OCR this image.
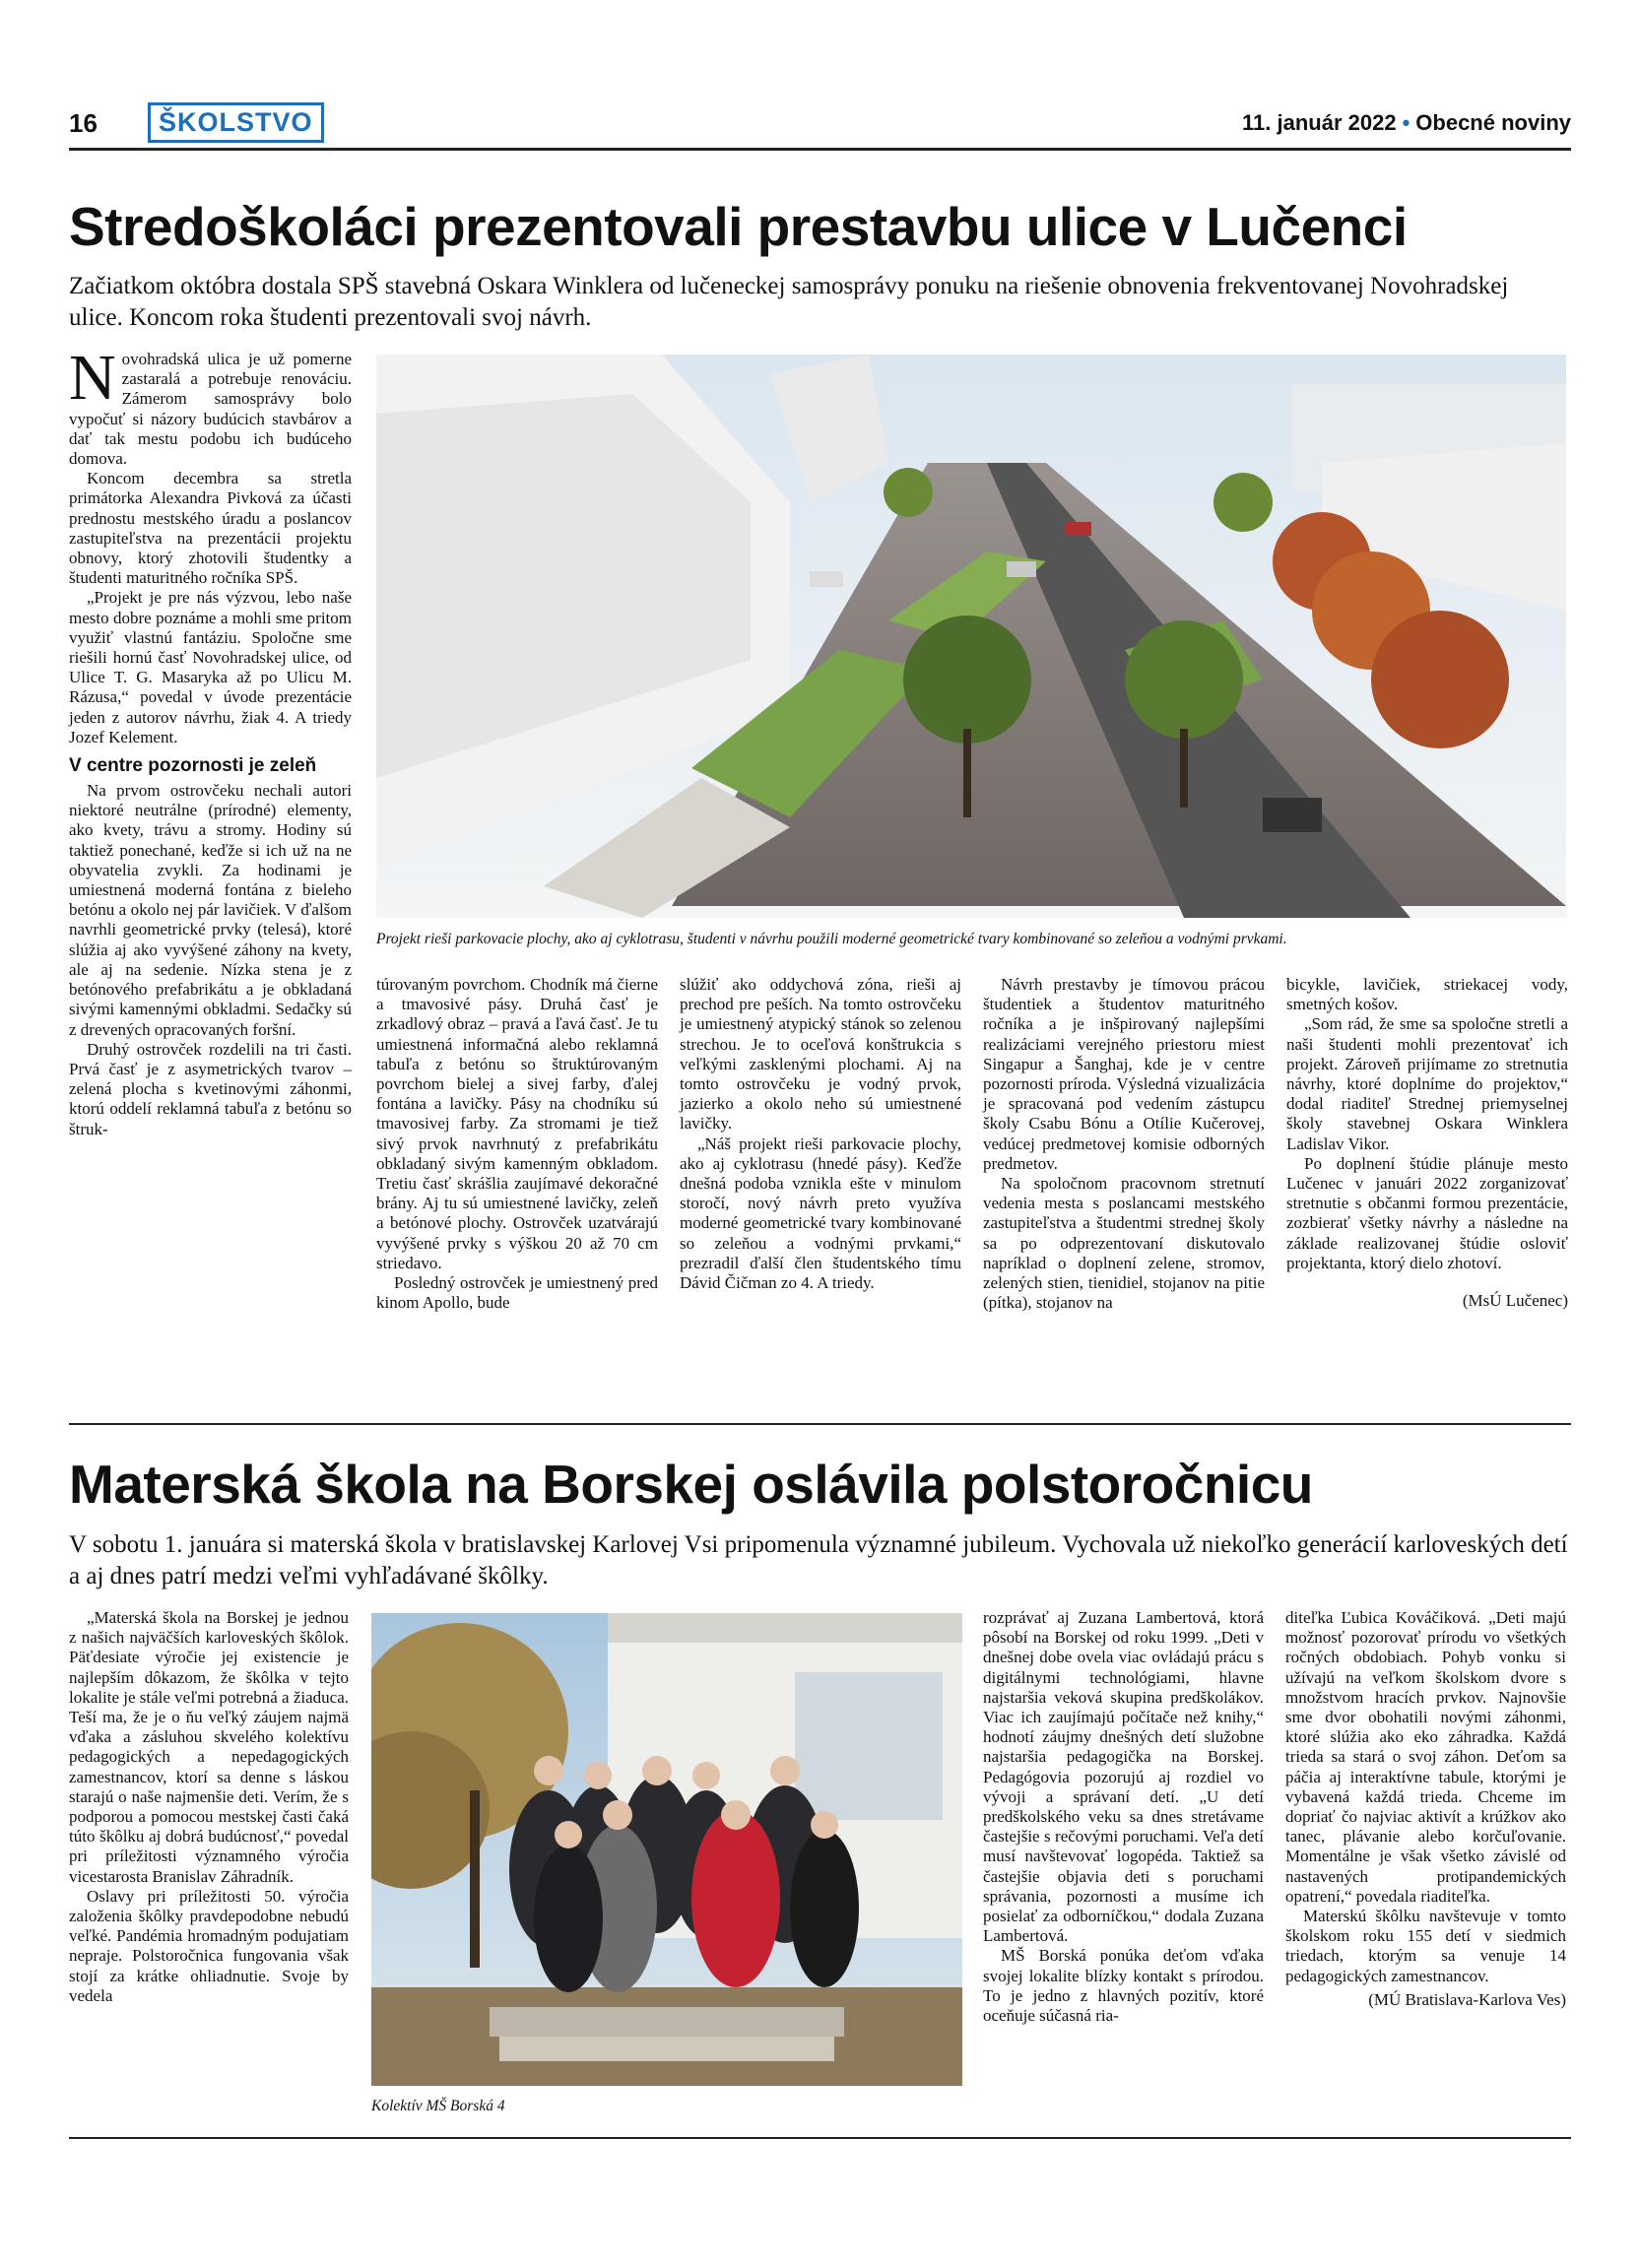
16	ŠKOLSTVO	11. január 2022 • Obecné noviny
Stredoškoláci prezentovali prestavbu ulice v Lučenci
Začiatkom októbra dostala SPŠ stavebná Oskara Winklera od lučeneckej samosprávy ponuku na riešenie obnovenia frekventovanej Novohradskej ulice. Koncom roka študenti prezentovali svoj návrh.

Novohradská ulica je už pomerne zastaralá a potrebuje renováciu. Zámerom samosprávy bolo vypočuť si názory budúcich stavbárov a dať tak mestu podobu ich budúceho domova.

Koncom decembra sa stretla primátorka Alexandra Pivková za účasti prednostu mestského úradu a poslancov zastupiteľstva na prezentácii projektu obnovy, ktorý zhotovili študentky a študenti maturitného ročníka SPŠ.

„Projekt je pre nás výzvou, lebo naše mesto dobre poznáme a mohli sme pritom využiť vlastnú fantáziu. Spoločne sme riešili hornú časť Novohradskej ulice, od Ulice T. G. Masaryka až po Ulicu M. Rázusa,“ povedal v úvode prezentácie jeden z autorov návrhu, žiak 4. A triedy Jozef Kelement.

V centre pozornosti je zeleň

Na prvom ostrovčeku nechali autori niektoré neutrálne (prírodné) elementy, ako kvety, trávu a stromy. Hodiny sú taktiež ponechané, keďže si ich už na ne obyvatelia zvykli. Za hodinami je umiestnená moderná fontána z bieleho betónu a okolo nej pár lavičiek. V ďalšom navrhli geometrické prvky (telesá), ktoré slúžia aj ako vyvýšené záhony na kvety, ale aj na sedenie. Nízka stena je z betónového prefabrikátu a je obkladaná sivými kamennými obkladmi. Sedačky sú z drevených opracovaných foršní.

Druhý ostrovček rozdelili na tri časti. Prvá časť je z asymetrických tvarov – zelená plocha s kvetinovými záhonmi, ktorú oddelí reklamná tabuľa z betónu so štruk-

Projekt rieši parkovacie plochy, ako aj cyklotrasu, študenti v návrhu použili moderné geometrické tvary kombinované so zeleňou a vodnými prvkami.

túrovaným povrchom. Chodník má čierne a tmavosivé pásy. Druhá časť je zrkadlový obraz – pravá a ľavá časť. Je tu umiestnená informačná alebo reklamná tabuľa z betónu so štruktúrovaným povrchom bielej a sivej farby, ďalej fontána a lavičky. Pásy na chodníku sú tmavosivej farby. Za stromami je tiež sivý prvok navrhnutý z prefabrikátu obkladaný sivým kamenným obkladom. Tretiu časť skrášlia zaujímavé dekoračné brány. Aj tu sú umiestnené lavičky, zeleň a betónové plochy. Ostrovček uzatvárajú vyvýšené prvky s výškou 20 až 70 cm striedavo.

Posledný ostrovček je umiestnený pred kinom Apollo, bude

slúžiť ako oddychová zóna, rieši aj prechod pre peších. Na tomto ostrovčeku je umiestnený atypický stánok so zelenou strechou. Je to oceľová konštrukcia s veľkými zasklenými plochami. Aj na tomto ostrovčeku je vodný prvok, jazierko a okolo neho sú umiestnené lavičky.

„Náš projekt rieši parkovacie plochy, ako aj cyklotrasu (hnedé pásy). Keďže dnešná podoba vznikla ešte v minulom storočí, nový návrh preto využíva moderné geometrické tvary kombinované so zeleňou a vodnými prvkami,“ prezradil ďalší člen študentského tímu Dávid Čičman zo 4. A triedy.

Návrh prestavby je tímovou prácou študentiek a študentov maturitného ročníka a je inšpirovaný najlepšími realizáciami verejného priestoru miest Singapur a Šanghaj, kde je v centre pozornosti príroda. Výsledná vizualizácia je spracovaná pod vedením zástupcu školy Csabu Bónu a Otílie Kučerovej, vedúcej predmetovej komisie odborných predmetov.

Na spoločnom pracovnom stretnutí vedenia mesta s poslancami mestského zastupiteľstva a študentmi strednej školy sa po odprezentovaní diskutovalo napríklad o doplnení zelene, stromov, zelených stien, tienidiel, stojanov na pitie (pítka), stojanov na

bicykle, lavičiek, striekacej vody, smetných košov.

„Som rád, že sme sa spoločne stretli a naši študenti mohli prezentovať ich projekt. Zároveň prijímame zo stretnutia návrhy, ktoré doplníme do projektov,“ dodal riaditeľ Strednej priemyselnej školy stavebnej Oskara Winklera Ladislav Vikor.

Po doplnení štúdie plánuje mesto Lučenec v januári 2022 zorganizovať stretnutie s občanmi formou prezentácie, zozbierať všetky návrhy a následne na základe realizovanej štúdie osloviť projektanta, ktorý dielo zhotoví.

(MsÚ Lučenec)
Materská škola na Borskej oslávila polstoročnicu
V sobotu 1. januára si materská škola v bratislavskej Karlovej Vsi pripomenula významné jubileum. Vychovala už niekoľko generácií karloveských detí a aj dnes patrí medzi veľmi vyhľadávané škôlky.

„Materská škola na Borskej je jednou z našich najväčších karloveských škôlok. Päťdesiate výročie jej existencie je najlepším dôkazom, že škôlka v tejto lokalite je stále veľmi potrebná a žiaduca. Teší ma, že je o ňu veľký záujem najmä vďaka a zásluhou skvelého kolektívu pedagogických a nepedagogických zamestnancov, ktorí sa denne s láskou starajú o naše najmenšie deti. Verím, že s podporou a pomocou mestskej časti čaká túto škôlku aj dobrá budúcnosť,“ povedal pri príležitosti významného výročia vicestarosta Branislav Záhradník.

Oslavy pri príležitosti 50. výročia založenia škôlky pravdepodobne nebudú veľké. Pandémia hromadným podujatiam nepraje. Polstoročnica fungovania však stojí za krátke ohliadnutie. Svoje by vedela

Kolektív MŠ Borská 4

rozprávať aj Zuzana Lambertová, ktorá pôsobí na Borskej od roku 1999. „Deti v dnešnej dobe ovela viac ovládajú prácu s digitálnymi technológiami, hlavne najstaršia veková skupina predškolákov. Viac ich zaujímajú počítače než knihy,“ hodnotí záujmy dnešných detí služobne najstaršia pedagogička na Borskej. Pedagógovia pozorujú aj rozdiel vo vývoji a správaní detí. „U detí predškolského veku sa dnes stretávame častejšie s rečovými poruchami. Veľa detí musí navštevovať logopéda. Taktiež sa častejšie objavia deti s poruchami správania, pozornosti a musíme ich posielať za odborníčkou,“ dodala Zuzana Lambertová.

MŠ Borská ponúka deťom vďaka svojej lokalite blízky kontakt s prírodou. To je jedno z hlavných pozitív, ktoré oceňuje súčasná ria-

diteľka Ľubica Kováčiková. „Deti majú možnosť pozorovať prírodu vo všetkých ročných obdobiach. Pohyb vonku si užívajú na veľkom školskom dvore s množstvom hracích prvkov. Najnovšie sme dvor obohatili novými záhonmi, ktoré slúžia ako eko záhradka. Každá trieda sa stará o svoj záhon. Deťom sa páčia aj interaktívne tabule, ktorými je vybavená každá trieda. Chceme im dopriať čo najviac aktivít a krúžkov ako tanec, plávanie alebo korčuľovanie. Momentálne je však všetko závislé od nastavených protipandemických opatrení,“ povedala riaditeľka.

Materskú škôlku navštevuje v tomto školskom roku 155 detí v siedmich triedach, ktorým sa venuje 14 pedagogických zamestnancov.

(MÚ Bratislava-Karlova Ves)
